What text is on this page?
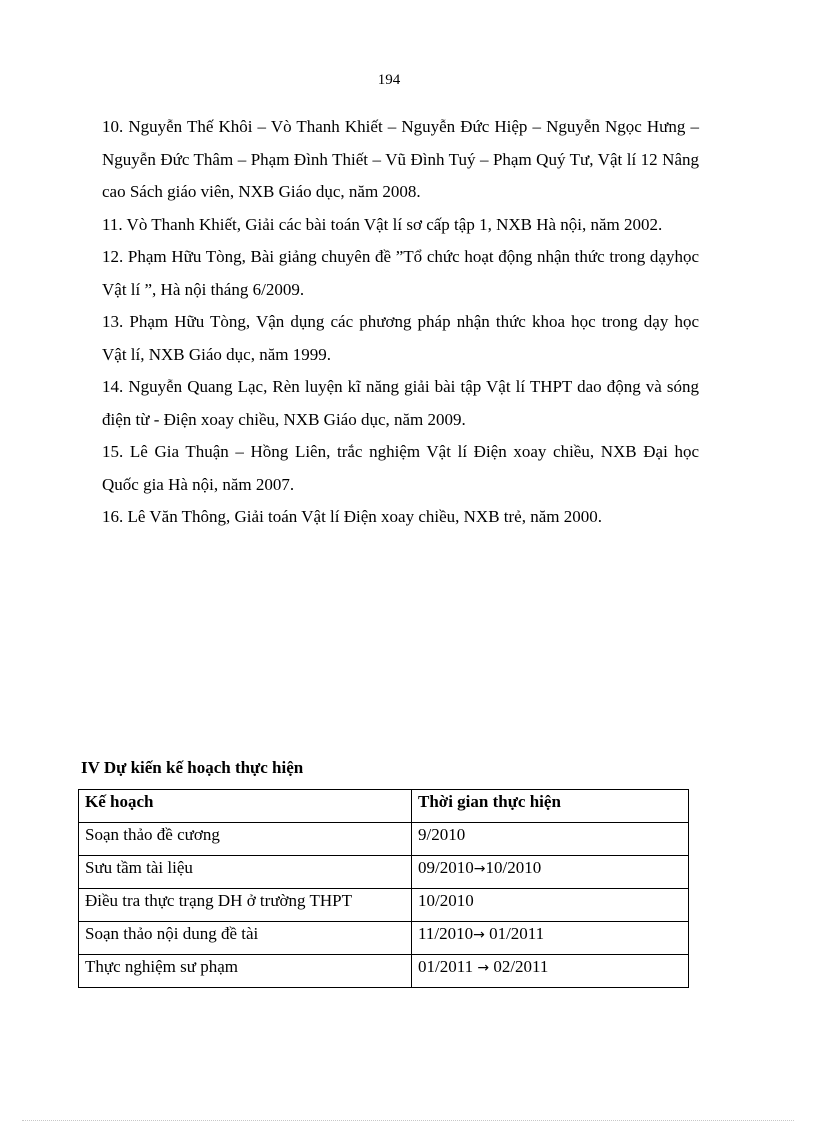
194

10. Nguyễn Thế Khôi – Vò Thanh Khiết – Nguyễn Đức Hiệp – Nguyễn Ngọc Hưng – Nguyễn Đức Thâm – Phạm Đình Thiết – Vũ Đình Tuý – Phạm Quý Tư, Vật lí 12 Nâng cao Sách giáo viên, NXB Giáo dục, năm 2008.

11. Vò Thanh Khiết, Giải các bài toán Vật lí sơ cấp tập 1, NXB Hà nội, năm 2002.

12. Phạm Hữu Tòng, Bài giảng chuyên đề ”Tổ chức hoạt động nhận thức trong dạyhọc Vật lí ”, Hà nội tháng 6/2009.

13. Phạm Hữu Tòng, Vận dụng các phương pháp nhận thức khoa học trong dạy học Vật lí, NXB Giáo dục, năm 1999.

14. Nguyễn Quang Lạc, Rèn luyện kĩ năng giải bài tập Vật lí THPT dao động và sóng điện từ - Điện xoay chiều, NXB Giáo dục, năm 2009.

15. Lê Gia Thuận – Hồng Liên, trắc nghiệm Vật lí Điện xoay chiều, NXB Đại học Quốc gia Hà nội, năm 2007.

16. Lê Văn Thông, Giải toán Vật lí Điện xoay chiều, NXB trẻ, năm 2000.

IV Dự kiến kế hoạch thực hiện
Kế hoạch	Thời gian thực hiện
Soạn thảo đề cương	9/2010
Sưu tầm tài liệu	09/2010→10/2010
Điều tra thực trạng DH ở trường THPT	10/2010
Soạn thảo nội dung đề tài	11/2010→ 01/2011
Thực nghiệm sư phạm	01/2011 → 02/2011
